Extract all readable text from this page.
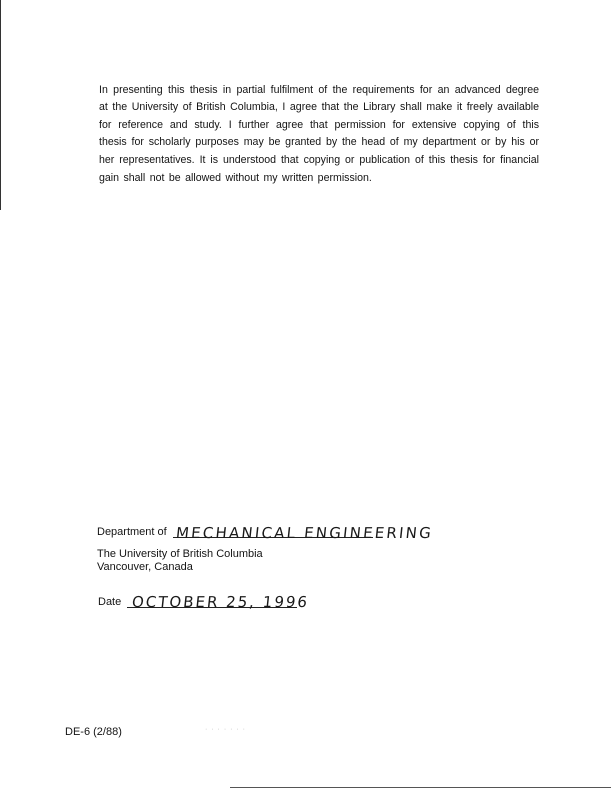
In presenting this thesis in partial fulfilment of the requirements for an advanced degree at the University of British Columbia, I agree that the Library shall make it freely available for reference and study. I further agree that permission for extensive copying of this thesis for scholarly purposes may be granted by the head of my department or by his or her representatives. It is understood that copying or publication of this thesis for financial gain shall not be allowed without my written permission.

Department of MECHANICAL ENGINEERING
The University of British Columbia
Vancouver, Canada
Date OCTOBER 25, 1996
DE-6 (2/88)	· · · · · · ·
